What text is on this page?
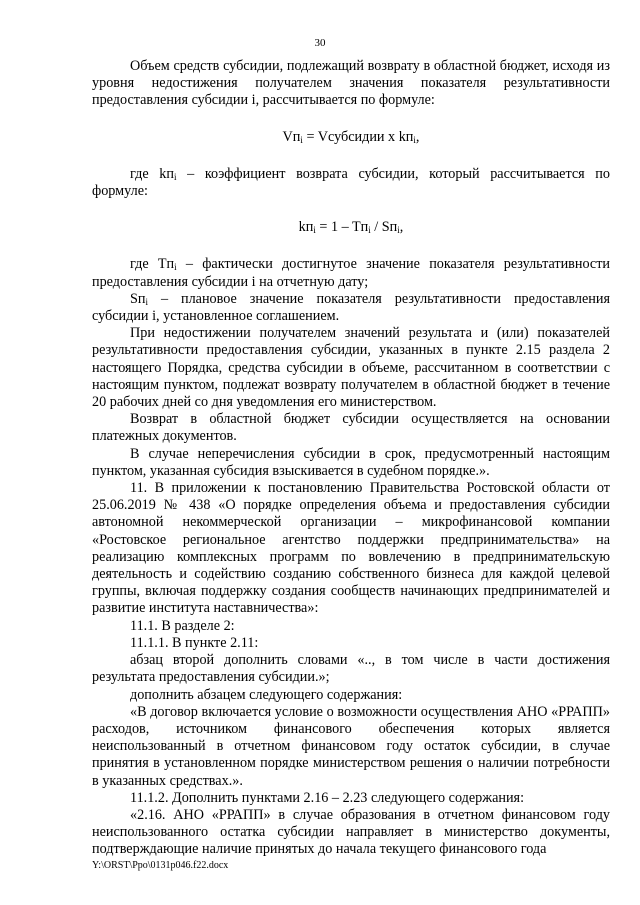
30

Объем средств субсидии, подлежащий возврату в областной бюджет, исходя из уровня недостижения получателем значения показателя результативности предоставления субсидии i, рассчитывается по формуле:

$Vп_i$ = Vсубсидии x $kп_i$,

где $kп_i$ – коэффициент возврата субсидии, который рассчитывается по формуле:

$kп_i = 1 - Tп_i / Sп_i$,

где $Tп_i$ – фактически достигнутое значение показателя результативности предоставления субсидии i на отчетную дату;

$Sп_i$ – плановое значение показателя результативности предоставления субсидии i, установленное соглашением.

При недостижении получателем значений результата и (или) показателей результативности предоставления субсидии, указанных в пункте 2.15 раздела 2 настоящего Порядка, средства субсидии в объеме, рассчитанном в соответствии с настоящим пунктом, подлежат возврату получателем в областной бюджет в течение 20 рабочих дней со дня уведомления его министерством.

Возврат в областной бюджет субсидии осуществляется на основании платежных документов.

В случае неперечисления субсидии в срок, предусмотренный настоящим пунктом, указанная субсидия взыскивается в судебном порядке.».

11. В приложении к постановлению Правительства Ростовской области от 25.06.2019 № 438 «О порядке определения объема и предоставления субсидии автономной некоммерческой организации – микрофинансовой компании «Ростовское региональное агентство поддержки предпринимательства» на реализацию комплексных программ по вовлечению в предпринимательскую деятельность и содействию созданию собственного бизнеса для каждой целевой группы, включая поддержку создания сообществ начинающих предпринимателей и развитие института наставничества»:

11.1. В разделе 2:

11.1.1. В пункте 2.11:

абзац второй дополнить словами «.., в том числе в части достижения результата предоставления субсидии.»;

дополнить абзацем следующего содержания:

«В договор включается условие о возможности осуществления АНО «РРАПП» расходов, источником финансового обеспечения которых является неиспользованный в отчетном финансовом году остаток субсидии, в случае принятия в установленном порядке министерством решения о наличии потребности в указанных средствах.».

11.1.2. Дополнить пунктами 2.16 – 2.23 следующего содержания:

«2.16. АНО «РРАПП» в случае образования в отчетном финансовом году неиспользованного остатка субсидии направляет в министерство документы, подтверждающие наличие принятых до начала текущего финансового года

Y:\ORST\Ppo\0131p046.f22.docx
